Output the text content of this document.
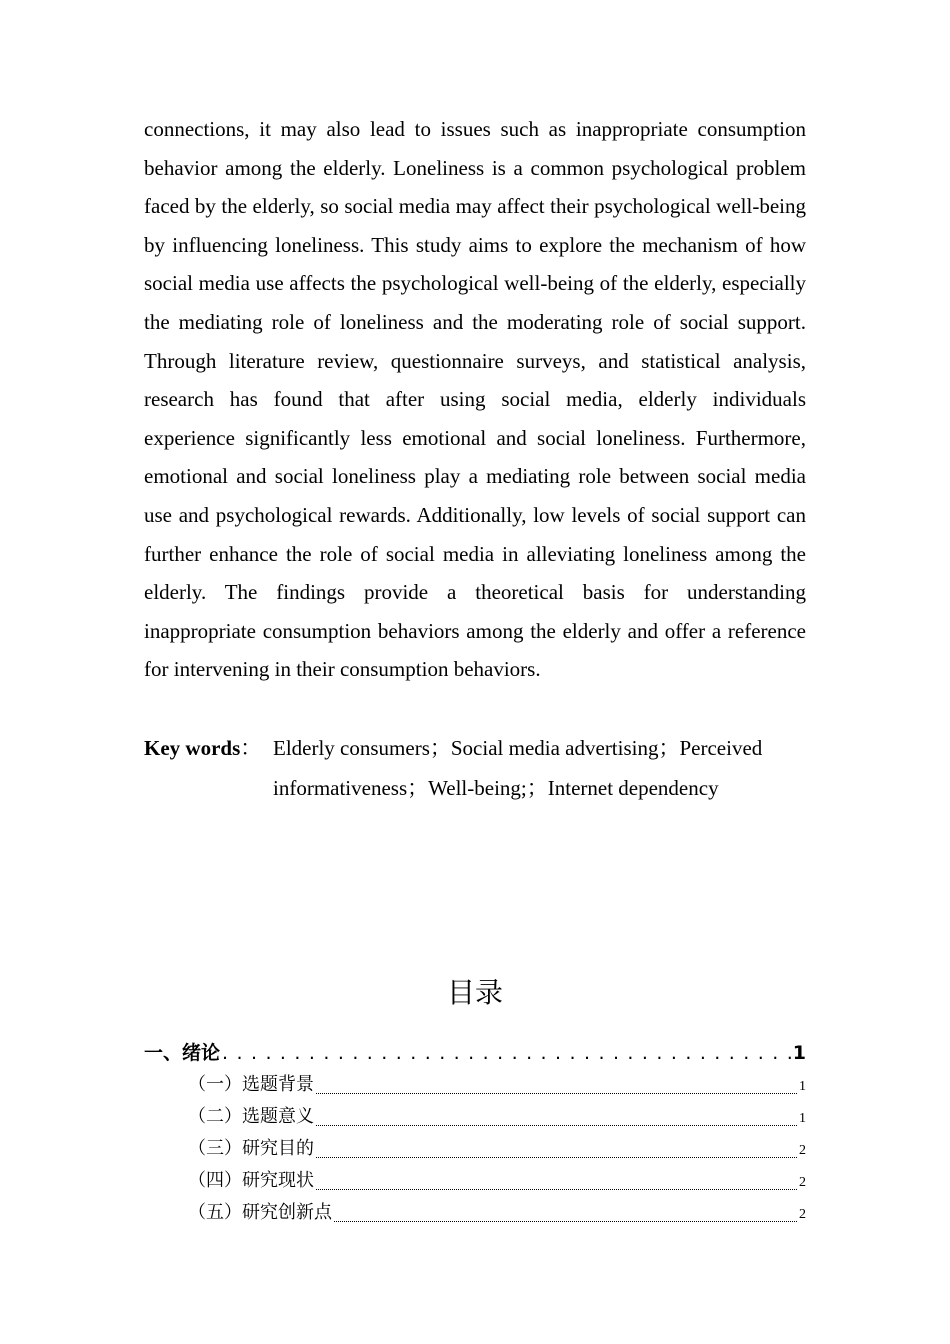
connections, it may also lead to issues such as inappropriate consumption behavior among the elderly. Loneliness is a common psychological problem faced by the elderly, so social media may affect their psychological well-being by influencing loneliness. This study aims to explore the mechanism of how social media use affects the psychological well-being of the elderly, especially the mediating role of loneliness and the moderating role of social support. Through literature review, questionnaire surveys, and statistical analysis, research has found that after using social media, elderly individuals experience significantly less emotional and social loneliness. Furthermore, emotional and social loneliness play a mediating role between social media use and psychological rewards. Additionally, low levels of social support can further enhance the role of social media in alleviating loneliness among the elderly. The findings provide a theoretical basis for understanding inappropriate consumption behaviors among the elderly and offer a reference for intervening in their consumption behaviors.

Key words： Elderly consumers；Social media advertising；Perceived informativeness；Well-being;；Internet dependency
目录
一、绪论 . . .	1
（一）选题背景	1
（二）选题意义	1
（三）研究目的	2
（四）研究现状	2
（五）研究创新点	2
